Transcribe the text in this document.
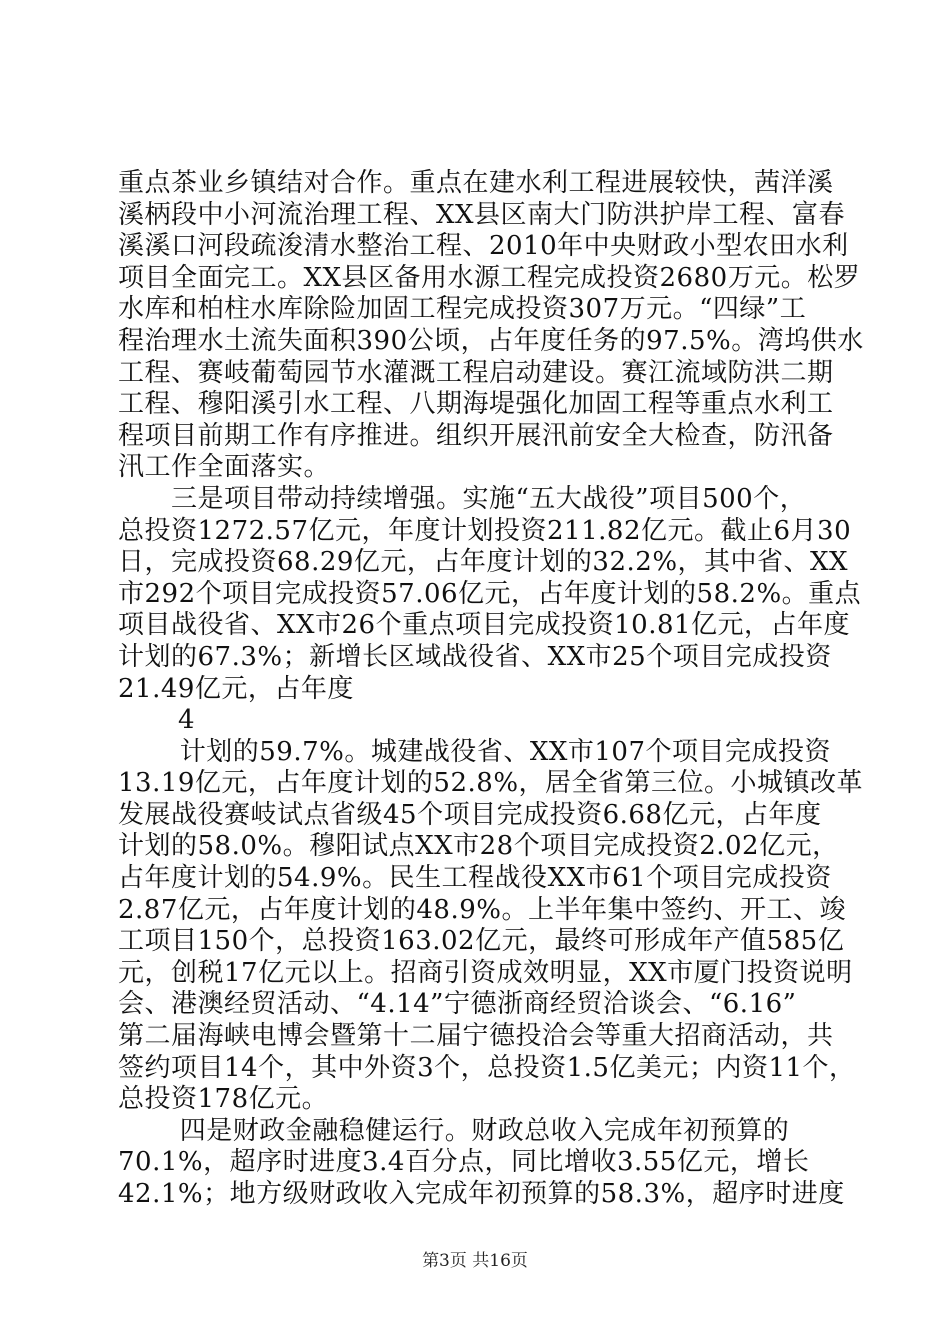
重点茶业乡镇结对合作。重点在建水利工程进展较快，茜洋溪
溪柄段中小河流治理工程、XX县区南大门防洪护岸工程、富春
溪溪口河段疏浚清水整治工程、2010年中央财政小型农田水利
项目全面完工。XX县区备用水源工程完成投资2680万元。松罗
水库和柏柱水库除险加固工程完成投资307万元。“四绿”工
程治理水土流失面积390公顷，占年度任务的97.5%。湾坞供水
工程、赛岐葡萄园节水灌溉工程启动建设。赛江流域防洪二期
工程、穆阳溪引水工程、八期海堤强化加固工程等重点水利工
程项目前期工作有序推进。组织开展汛前安全大检查，防汛备
汛工作全面落实。
　　三是项目带动持续增强。实施“五大战役”项目500个，
总投资1272.57亿元，年度计划投资211.82亿元。截止6月30
日，完成投资68.29亿元，占年度计划的32.2%，其中省、XX
市292个项目完成投资57.06亿元，占年度计划的58.2%。重点
项目战役省、XX市26个重点项目完成投资10.81亿元，占年度
计划的67.3%；新增长区域战役省、XX市25个项目完成投资
21.49亿元，占年度
4
　　 计划的59.7%。城建战役省、XX市107个项目完成投资
13.19亿元，占年度计划的52.8%，居全省第三位。小城镇改革
发展战役赛岐试点省级45个项目完成投资6.68亿元，占年度
计划的58.0%。穆阳试点XX市28个项目完成投资2.02亿元，
占年度计划的54.9%。民生工程战役XX市61个项目完成投资
2.87亿元，占年度计划的48.9%。上半年集中签约、开工、竣
工项目150个，总投资163.02亿元，最终可形成年产值585亿
元，创税17亿元以上。招商引资成效明显，XX市厦门投资说明
会、港澳经贸活动、“4.14”宁德浙商经贸洽谈会、“6.16”
第二届海峡电博会暨第十二届宁德投洽会等重大招商活动，共
签约项目14个，其中外资3个，总投资1.5亿美元；内资11个，
总投资178亿元。
　　 四是财政金融稳健运行。财政总收入完成年初预算的
70.1%，超序时进度3.4百分点，同比增收3.55亿元，增长
42.1%；地方级财政收入完成年初预算的58.3%，超序时进度
第3页 共16页
